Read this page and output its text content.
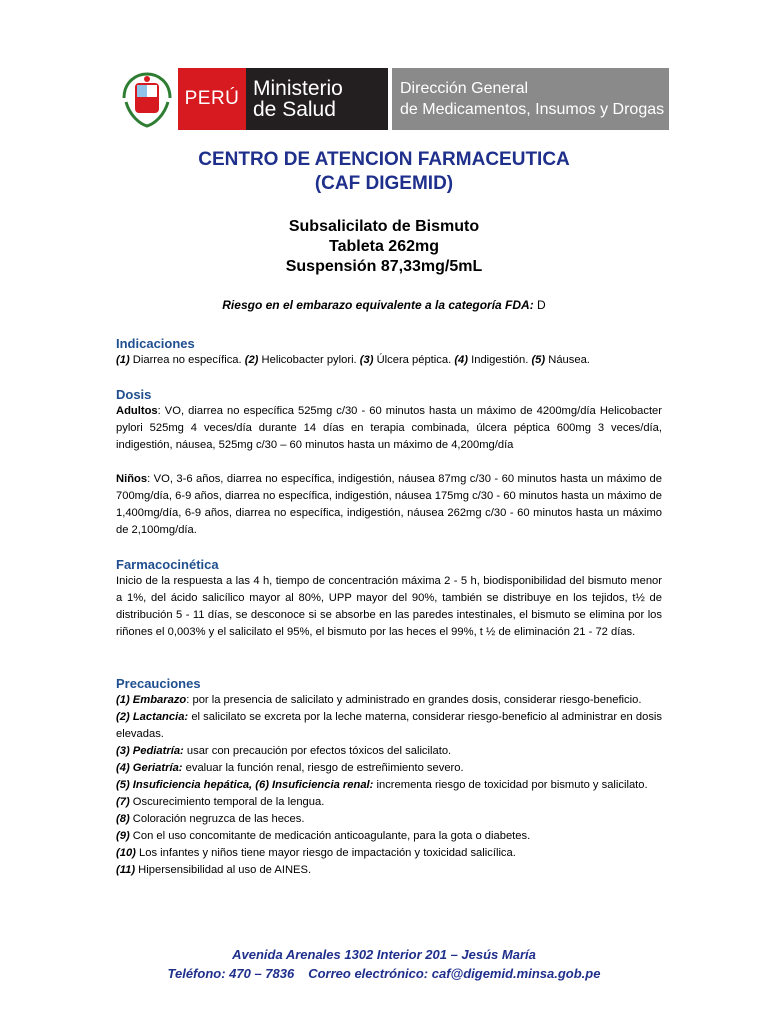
PERÚ Ministerio
de Salud
Dirección General
de Medicamentos, Insumos y Drogas
CENTRO DE ATENCION FARMACEUTICA
(CAF DIGEMID)
Subsalicilato de Bismuto
Tableta 262mg
Suspensión 87,33mg/5mL
Riesgo en el embarazo equivalente a la categoría FDA: D
Indicaciones

(1) Diarrea no específica. (2) Helicobacter pylori. (3) Úlcera péptica. (4) Indigestión. (5) Náusea.

Dosis

Adultos: VO, diarrea no específica 525mg c/30 - 60 minutos hasta un máximo de 4200mg/día Helicobacter pylori 525mg 4 veces/día durante 14 días en terapia combinada, úlcera péptica 600mg 3 veces/día, indigestión, náusea, 525mg c/30 – 60 minutos hasta un máximo de 4,200mg/día

Niños: VO, 3-6 años, diarrea no específica, indigestión, náusea 87mg c/30 - 60 minutos hasta un máximo de 700mg/día, 6-9 años, diarrea no específica, indigestión, náusea 175mg c/30 - 60 minutos hasta un máximo de 1,400mg/día, 6-9 años, diarrea no específica, indigestión, náusea 262mg c/30 - 60 minutos hasta un máximo de 2,100mg/día.

Farmacocinética

Inicio de la respuesta a las 4 h, tiempo de concentración máxima 2 - 5 h, biodisponibilidad del bismuto menor a 1%, del ácido salicílico mayor al 80%, UPP mayor del 90%, también se distribuye en los tejidos, t½ de distribución 5 - 11 días, se desconoce si se absorbe en las paredes intestinales, el bismuto se elimina por los riñones el 0,003% y el salicilato el 95%, el bismuto por las heces el 99%, t ½ de eliminación 21 - 72 días.

Precauciones

(1) Embarazo: por la presencia de salicilato y administrado en grandes dosis, considerar riesgo-beneficio.

(2) Lactancia: el salicilato se excreta por la leche materna, considerar riesgo-beneficio al administrar en dosis elevadas.

(3) Pediatría: usar con precaución por efectos tóxicos del salicilato.

(4) Geriatría: evaluar la función renal, riesgo de estreñimiento severo.

(5) Insuficiencia hepática, (6) Insuficiencia renal: incrementa riesgo de toxicidad por bismuto y salicilato.

(7) Oscurecimiento temporal de la lengua.

(8) Coloración negruzca de las heces.

(9) Con el uso concomitante de medicación anticoagulante, para la gota o diabetes.

(10) Los infantes y niños tiene mayor riesgo de impactación y toxicidad salicílica.

(11) Hipersensibilidad al uso de AINES.

Avenida Arenales 1302 Interior 201 – Jesús María
Teléfono: 470 – 7836 Correo electrónico: caf@digemid.minsa.gob.pe
